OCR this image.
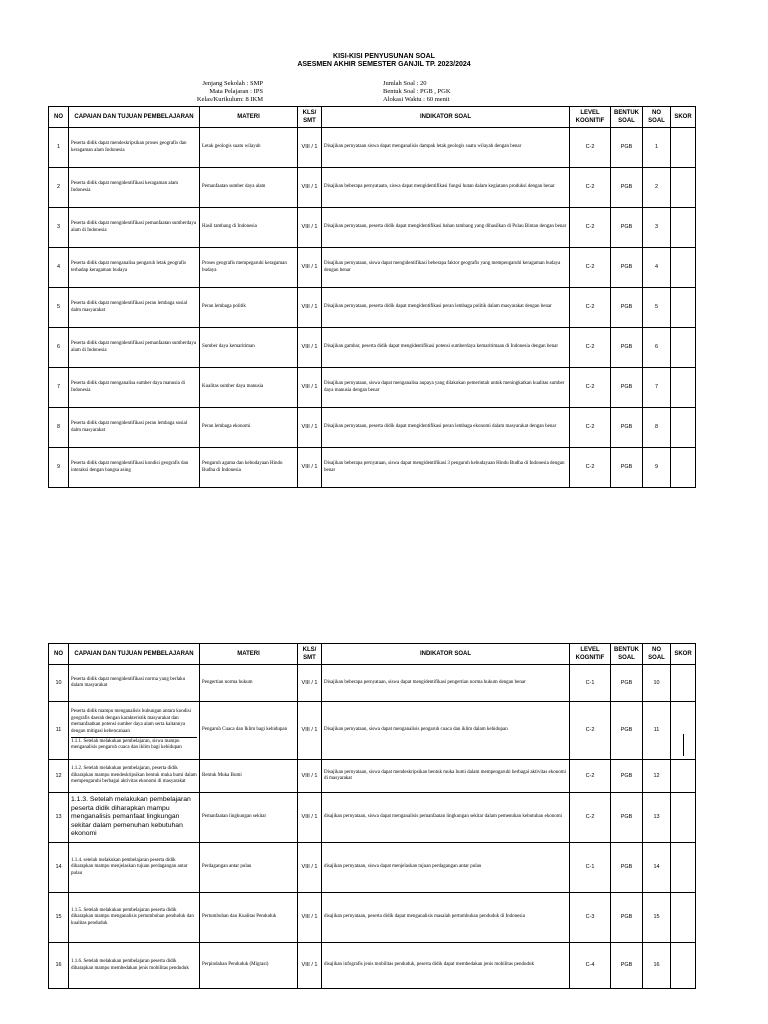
KISI-KISI PENYUSUNAN SOAL
ASESMEN AKHIR SEMESTER GANJIL TP. 2023/2024
Jenjang Sekolah : SMP
Mata Pelajaran : IPS
Kelas/Kurikulum: 8 IKM
Jumlah Soal : 20
Bentuk Soal : PGB , PGK
Alokasi Waktu : 60 menit
NO	CAPAIAN DAN TUJUAN PEMBELAJARAN	MATERI	KLS/ SMT	INDIKATOR SOAL	LEVEL KOGNITIF	BENTUK SOAL	NO SOAL	SKOR
1	Peserta didik dapat mendeskripsikan proses geografis dan keragaman alam Indonesia	Letak geologis suatu wilayah	VIII / 1	Disajikan pernyataan siswa dapat menganalisis dampak letak geologis suatu wilayah dengan benar	C-2	PGB	1	
2	Peserta didik dapat mengidentifikasi keragaman alam Indonesia	Pemanfaatan sumber daya alam	VIII / 1	Disajikan beberapa pernyataatn, siswa dapat mengidentifikasi fungsi hutan dalam kegiatann produksi dengan benar	C-2	PGB	2	
3	Peserta didik dapat mengidentifikasi pemanfaatan sumberdaya alam di Indonesia	Hasil tambang di Indonesia	VIII / 1	Disajikan pernyataan, peserta didik dapat mengidentifikasi bahan tambang yang dihasilkan di Pulau Bintan dengan benar	C-2	PGB	3	
4	Peserta didik dapat menganalisa pengaruh letak geografis terhadap keragaman budaya	Proses geografis mempegaruhi keragaman budaya	VIII / 1	Disajikan pernyataan, siswa dapat mengidentifikasi beberapa faktor geografis yang mempengaruhi keragaman budaya dengan benar	C-2	PGB	4	
5	Peserta didik dapat mengidentifikasi peran lembaga sosial dalm masyarakat	Peran lembaga politik	VIII / 1	Disajikan pernyataan, peserta didik dapat mengidentifikasi peran lembaga politik dalam masyarakat dengan benar	C-2	PGB	5	
6	Peserta didik dapat mengidentifikasi pemanfaatan sumberdaya alam di Indonesia	Sumber daya kemaritiman	VIII / 1	Disajikan gambar, peserta didik dapat mengidentifikasi potensi sumberdaya kemaritimaan di Indonesia dengan benar	C-2	PGB	6	
7	Peserta didik dapat menganalisa sumber daya manusia di Indonesia	Kualitas sumber daya manusia	VIII / 1	Disajikan pernyataan, siswa dapat menganalisa aupaya yang dilakukan pemerintah untuk meningkatkan kualitas sumber daya manusia dengan benar	C-2	PGB	7	
8	Peserta didik dapat mengidentifikasi peran lembaga sosial dalm masyarakat	Peran lembaga ekonomi	VIII / 1	Disajikan pernyataan, peserta didik dapat mengidentifikasi peran lembaga ekonomi dalam masyarakat dengan benar	C-2	PGB	8	
9	Peserta didik dapat mengidentifikasi kondisi geografis dan interaksi dengan bangsa asing	Pengaruh agama dan kebudayaan Hindu Budha di Indonesia	VIII / 1	Disajikan beberapa pernyataan, siswa dapat mengidentifikasi 3 pengaruh kebudayaan Hindu Budha di Indonesia dengan benar	C-2	PGB	9	
NO	CAPAIAN DAN TUJUAN PEMBELAJARAN	MATERI	KLS/ SMT	INDIKATOR SOAL	LEVEL KOGNITIF	BENTUK SOAL	NO SOAL	SKOR
10	Peserta didik dapat mengidentifikasi norma yang berlaku dalam masyarakat	Pengertian norma hukum	VIII / 1	Disajikan beberapa pernyataan, siswa dapat mengidentifikasi pengertian norma hukum dengan benar	C-1	PGB	10	
11	Peserta didik mampu menganalisis hubungan antara kondisi geografis daerah dengan karakteristik masyarakat dan memanfaatkan potensi sumber daya alam serta kaitannya dengan mitigasi kebencanaan
1.1.1. Setelah melakukan pembelajaran, siswa mampu menganalisis pengaruh cuaca dan iklim bagi kehidupan	Pengaruh Cuaca dan Iklim bagi kehidupan	VIII / 1	Disajikan pernyataan, siswa dapat menganalisis pengaruh cuaca dan iklim dalam kehidupan	C-2	PGB	11	

12	1.1.2. Setelah melakukan pembelajaran, peserta didik diharapkan mampu mendeskripsikan bentuk muka bumi dalam mempengaruhi berbagai aktivitas ekonomi di masyarakat	Bentuk Muka Bumi	VIII / 1	Disajikan pernyataan, siswa dapat mendeskripsikan bentuk muka bumi dalam mempengaruhi berbagai aktivitas ekonomi di masyarakat	C-2	PGB	12	
13	1.1.3. Setelah melakukan pembelajaran peserta didik diharapkan mampu menganalisis pemanfaat lingkungan sekitar dalam pemenuhan kebutuhan ekonomi	Pemanfaatan lingkungan sekitar	VIII / 1	disajikan pernyataan, siswa dapat menganalisis pemanfaatan lingkungan sekitar dalam pemenuhan kebutuhan ekonomi	C-2	PGB	13	
14	1.1.4. setelah melakukan pembelajaran peserta didik diharapkan mampu menjelaskan tujuan perdagangan antar pulau	Perdagangan antar pulau	VIII / 1	disajikan pernyataan, siswa dapat menjelaskan tujuan perdagangan antar pulau	C-1	PGB	14	
15	1.1.5. Setelah melakukan pembelajaran peserta didik diharapkan mampu menganalisis pertumbuhan penduduk dan kualitas penduduk	Pertumbuhan dan Kualitas Penduduk	VIII / 1	disajikan pernyataan, peserta didik dapat menganalisis masalah pertumbuhan penduduk di Indonesia	C-3	PGB	15	
16	1.1.6. Setelah melakukan pembelajaran peserta didik diharapkan mampu membedakan jenis mobilitas penduduk	Perpindahan Penduduk (Migrasi)	VIII / 1	disajikan infografis jenis mobilitas penduduk, peserta didik dapat membedakan jenis mobilitas penduduk	C-4	PGB	16	
